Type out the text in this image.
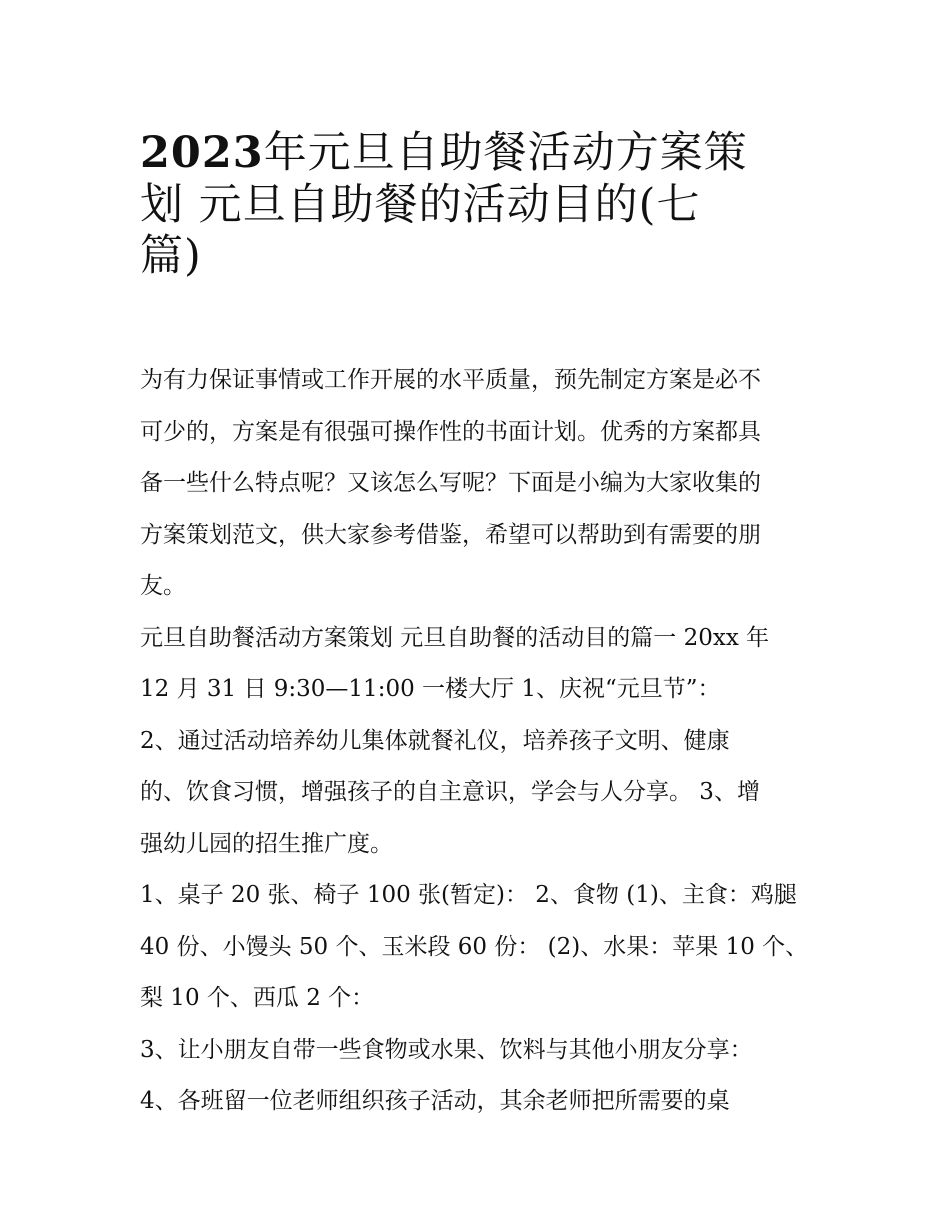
2023年元旦自助餐活动方案策
划 元旦自助餐的活动目的(七
篇)

为有力保证事情或工作开展的水平质量，预先制定方案是必不
可少的，方案是有很强可操作性的书面计划。优秀的方案都具
备一些什么特点呢？又该怎么写呢？下面是小编为大家收集的
方案策划范文，供大家参考借鉴，希望可以帮助到有需要的朋
友。

元旦自助餐活动方案策划 元旦自助餐的活动目的篇一 20xx 年
12 月 31 日 9:30—11:00 一楼大厅 1、庆祝“元旦节”：

2、通过活动培养幼儿集体就餐礼仪，培养孩子文明、健康
的、饮食习惯，增强孩子的自主意识，学会与人分享。 3、增
强幼儿园的招生推广度。

1、桌子 20 张、椅子 100 张(暂定)： 2、食物 (1)、主食：鸡腿
40 份、小馒头 50 个、玉米段 60 份： (2)、水果：苹果 10 个、
梨 10 个、西瓜 2 个：

3、让小朋友自带一些食物或水果、饮料与其他小朋友分享：

4、各班留一位老师组织孩子活动，其余老师把所需要的桌
